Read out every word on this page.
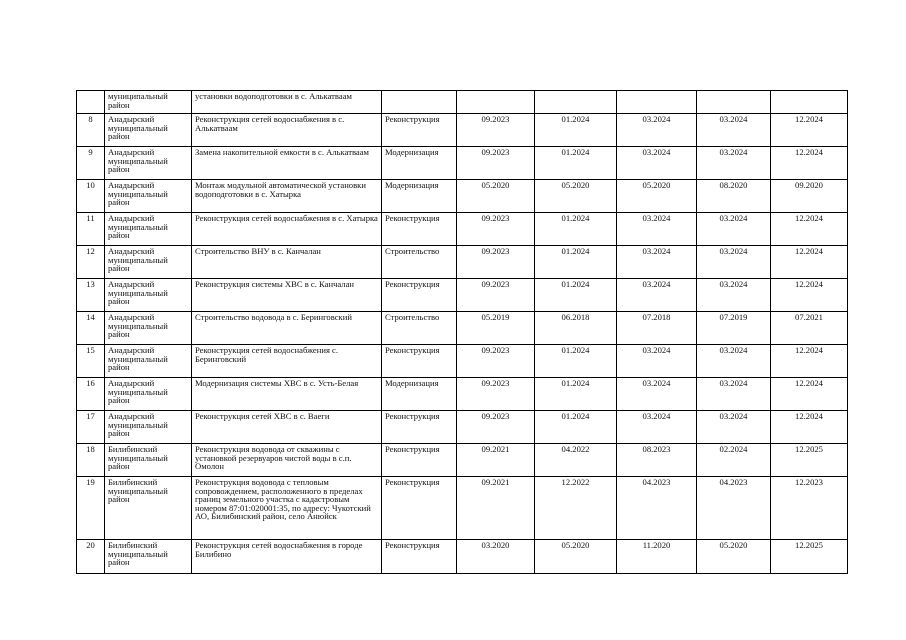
	муниципальный район	установки водоподготовки в с. Алькатваам						
8	Анадырский муниципальный район	Реконструкция сетей водоснабжения в с. Алькатваам	Реконструкция	09.2023	01.2024	03.2024	03.2024	12.2024
9	Анадырский муниципальный район	Замена накопительной емкости в с. Алькатваам	Модернизация	09.2023	01.2024	03.2024	03.2024	12.2024
10	Анадырский муниципальный район	Монтаж модульной автоматической установки водоподготовки в с. Хатырка	Модернизация	05.2020	05.2020	05.2020	08.2020	09.2020
11	Анадырский муниципальный район	Реконструкция сетей водоснабжения в с. Хатырка	Реконструкция	09.2023	01.2024	03.2024	03.2024	12.2024
12	Анадырский муниципальный район	Строительство ВНУ в с. Канчалан	Строительство	09.2023	01.2024	03.2024	03.2024	12.2024
13	Анадырский муниципальный район	Реконструкция системы ХВС в с. Канчалан	Реконструкция	09.2023	01.2024	03.2024	03.2024	12.2024
14	Анадырский муниципальный район	Строительство водовода в с. Беринговский	Строительство	05.2019	06.2018	07.2018	07.2019	07.2021
15	Анадырский муниципальный район	Реконструкция сетей водоснабжения с. Беринговский	Реконструкция	09.2023	01.2024	03.2024	03.2024	12.2024
16	Анадырский муниципальный район	Модернизация системы ХВС в с. Усть-Белая	Модернизация	09.2023	01.2024	03.2024	03.2024	12.2024
17	Анадырский муниципальный район	Реконструкция сетей ХВС в с. Ваеги	Реконструкция	09.2023	01.2024	03.2024	03.2024	12.2024
18	Билибинский муниципальный район	Реконструкция водовода от скважины с установкой резервуаров чистой воды в с.п. Омолон	Реконструкция	09.2021	04.2022	08.2023	02.2024	12.2025
19	Билибинский муниципальный район	Реконструкция водовода с тепловым сопровождением, расположенного в пределах границ земельного участка с кадастровым номером 87:01:020001:35, по адресу: Чукотский АО, Билибинский район, село Анюйск	Реконструкция	09.2021	12.2022	04.2023	04.2023	12.2023
20	Билибинский муниципальный район	Реконструкция сетей водоснабжения в городе Билибино	Реконструкция	03.2020	05.2020	11.2020	05.2020	12.2025
